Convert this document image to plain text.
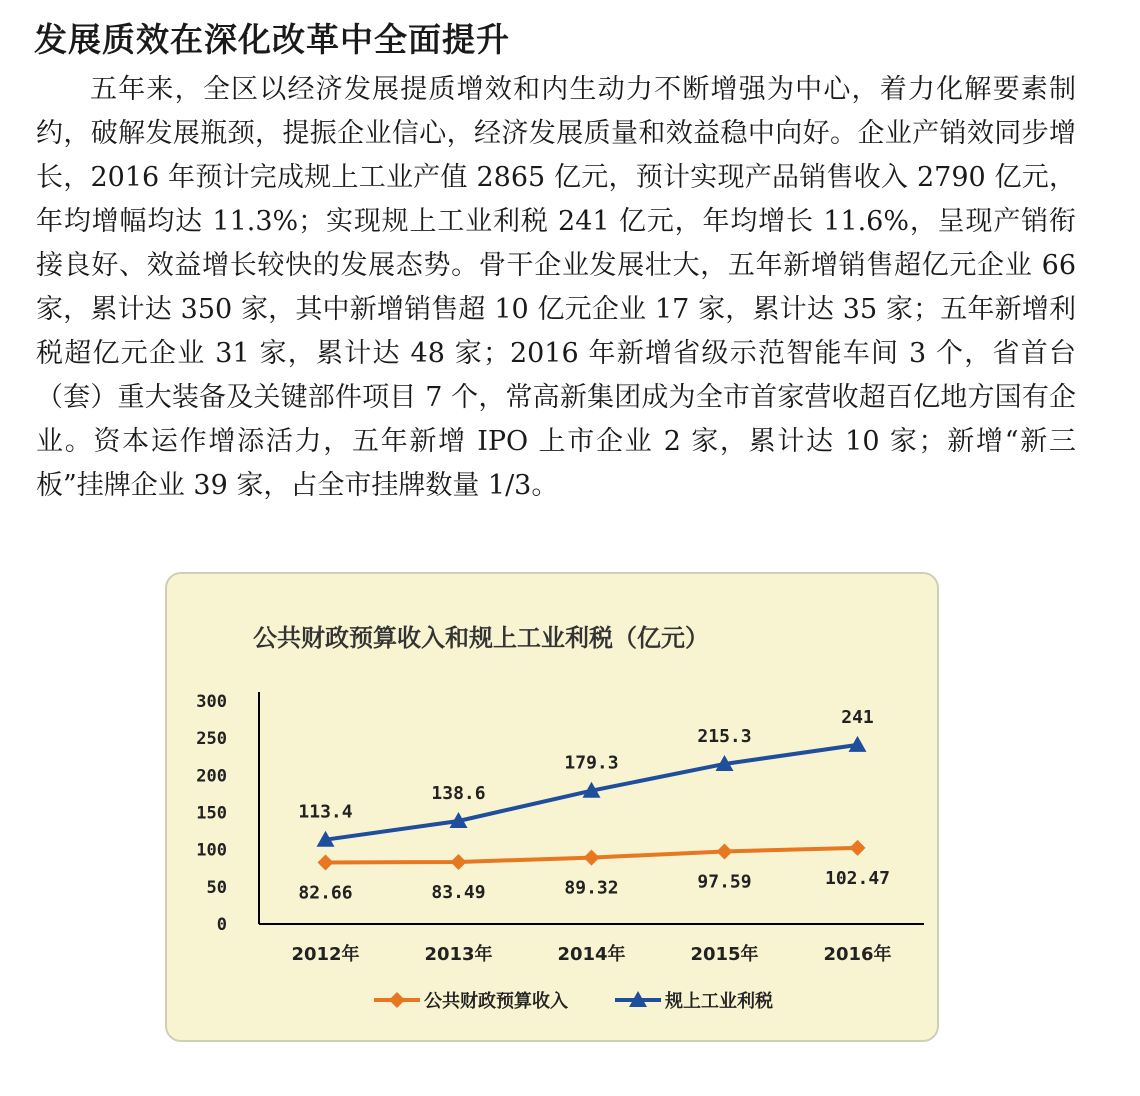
发展质效在深化改革中全面提升

五年来，全区以经济发展提质增效和内生动力不断增强为中心，着力化解要素制约，破解发展瓶颈，提振企业信心，经济发展质量和效益稳中向好。企业产销效同步增长，2016 年预计完成规上工业产值 2865 亿元，预计实现产品销售收入 2790 亿元，年均增幅均达 11.3%；实现规上工业利税 241 亿元，年均增长 11.6%，呈现产销衔接良好、效益增长较快的发展态势。骨干企业发展壮大，五年新增销售超亿元企业 66 家，累计达 350 家，其中新增销售超 10 亿元企业 17 家，累计达 35 家；五年新增利税超亿元企业 31 家，累计达 48 家；2016 年新增省级示范智能车间 3 个，省首台（套）重大装备及关键部件项目 7 个，常高新集团成为全市首家营收超百亿地方国有企业。资本运作增添活力，五年新增 IPO 上市企业 2 家，累计达 10 家；新增“新三板”挂牌企业 39 家，占全市挂牌数量 1/3。

公共财政预算收入和规上工业利税（亿元）
300
250
200
150
100
50
0
2012年	2013年	2014年	2015年	2016年
82.66	83.49	89.32	97.59	102.47
113.4
138.6
179.3
215.3
241
公共财政预算收入	规上工业利税
